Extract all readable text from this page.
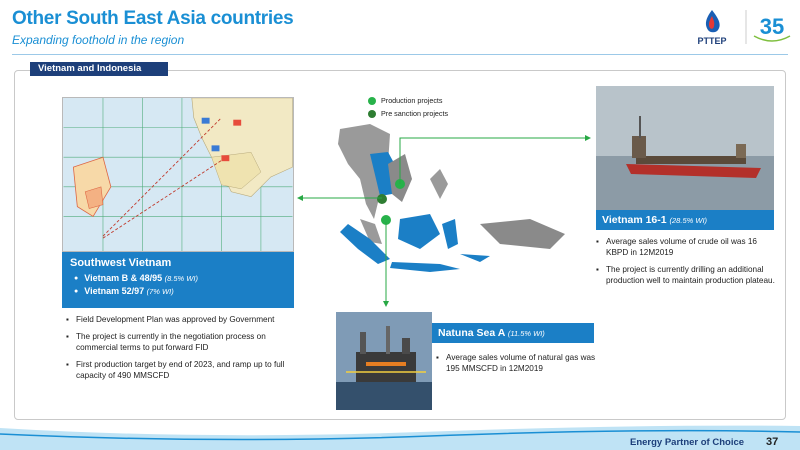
Other South East Asia countries
Expanding foothold in the region	PTTEP
35
Vietnam and Indonesia
Southwest Vietnam
● Vietnam B & 48/95 (8.5% WI)
● Vietnam 52/97 (7% WI)
▪ Field Development Plan was approved by Government
▪ The project is currently in the negotiation process on commercial terms to put forward FID
▪ First production target by end of 2023, and ramp up to full capacity of 490 MMSCFD
Production projects
Pre sanction projects
Vietnam 16-1 (28.5% WI)
▪ Average sales volume of crude oil was 16 KBPD in 12M2019
▪ The project is currently drilling an additional production well to maintain production plateau.
Natuna Sea A (11.5% WI)
▪ Average sales volume of natural gas was 195 MMSCFD in 12M2019
Energy Partner of Choice 37
